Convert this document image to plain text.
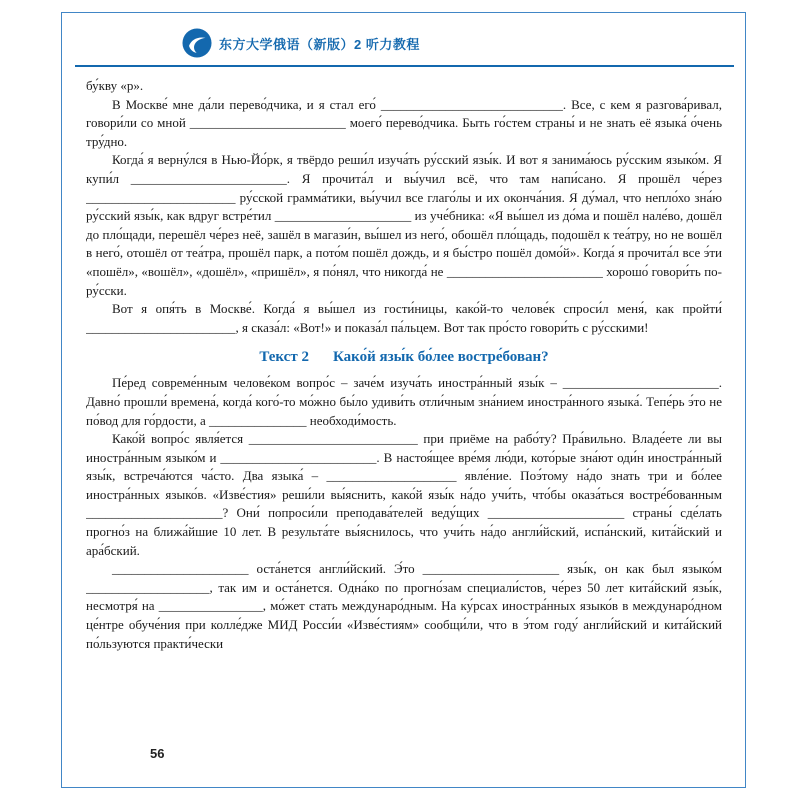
东方大学俄语（新版）2 听力教程

бу́кву «р».

В Москве́ мне да́ли перево́дчика, и я стал его́ ____________________________. Все, с кем я разгова́ривал, говори́ли со мной ________________________ моего́ перево́дчика. Быть го́стем страны́ и не знать её языка́ о́чень тру́дно.

Когда́ я верну́лся в Нью-Йо́рк, я твёрдо реши́л изуча́ть ру́сский язы́к. И вот я занима́юсь ру́сским языко́м. Я купи́л ________________________. Я прочита́л и вы́учил всё, что там напи́сано. Я прошёл че́рез _______________________ ру́сской грамма́тики, вы́учил все глаго́лы и их оконча́ния. Я ду́мал, что непло́хо зна́ю ру́сский язы́к, как вдруг встре́тил _____________________ из уче́бника: «Я вы́шел из до́ма и пошёл нале́во, дошёл до пло́щади, перешёл че́рез неё, зашёл в магази́н, вы́шел из него́, обошёл пло́щадь, подошёл к теа́тру, но не вошёл в него́, отошёл от теа́тра, прошёл парк, а пото́м пошёл дождь, и я бы́стро пошёл домо́й». Когда́ я прочита́л все э́ти «пошёл», «вошёл», «дошёл», «пришёл», я по́нял, что никогда́ не ________________________ хорошо́ говори́ть по-ру́сски.

Вот я опя́ть в Москве́. Когда́ я вы́шел из гости́ницы, како́й-то челове́к спроси́л меня́, как пройти́ _______________________, я сказа́л: «Вот!» и показа́л па́льцем. Вот так про́сто говори́ть с ру́сскими!

Текст 2 Како́й язы́к бо́лее востре́бован?

Пе́ред совреме́нным челове́ком вопро́с – заче́м изуча́ть иностра́нный язы́к – ________________________. Давно́ прошли́ времена́, когда́ кого́-то мо́жно бы́ло удиви́ть отли́чным зна́нием иностра́нного языка́. Тепе́рь э́то не по́вод для го́рдости, а _______________ необходи́мость.

Како́й вопро́с явля́ется __________________________ при приёме на рабо́ту? Пра́вильно. Владе́ете ли вы иностра́нным языко́м и ________________________. В настоя́щее вре́мя лю́ди, кото́рые зна́ют оди́н иностра́нный язы́к, встреча́ются ча́сто. Два языка́ – ____________________ явле́ние. Поэ́тому на́до знать три и бо́лее иностра́нных языко́в. «Изве́стия» реши́ли вы́яснить, како́й язы́к на́до учи́ть, что́бы оказа́ться востре́бованным _____________________? Они́ попроси́ли преподава́телей веду́щих _____________________ страны́ сде́лать прогно́з на ближа́йшие 10 лет. В результа́те вы́яснилось, что учи́ть на́до англи́йский, испа́нский, кита́йский и ара́бский.

_____________________ оста́нется англи́йский. Э́то _____________________ язы́к, он как был языко́м ___________________, так им и оста́нется. Одна́ко по прогно́зам специали́стов, че́рез 50 лет кита́йский язы́к, несмотря́ на ________________, мо́жет стать междунаро́дным. На ку́рсах иностра́нных языко́в в междунаро́дном це́нтре обуче́ния при колле́дже МИД Росси́и «Изве́стиям» сообщи́ли, что в э́том году́ англи́йский и кита́йский по́льзуются практи́чески

56
